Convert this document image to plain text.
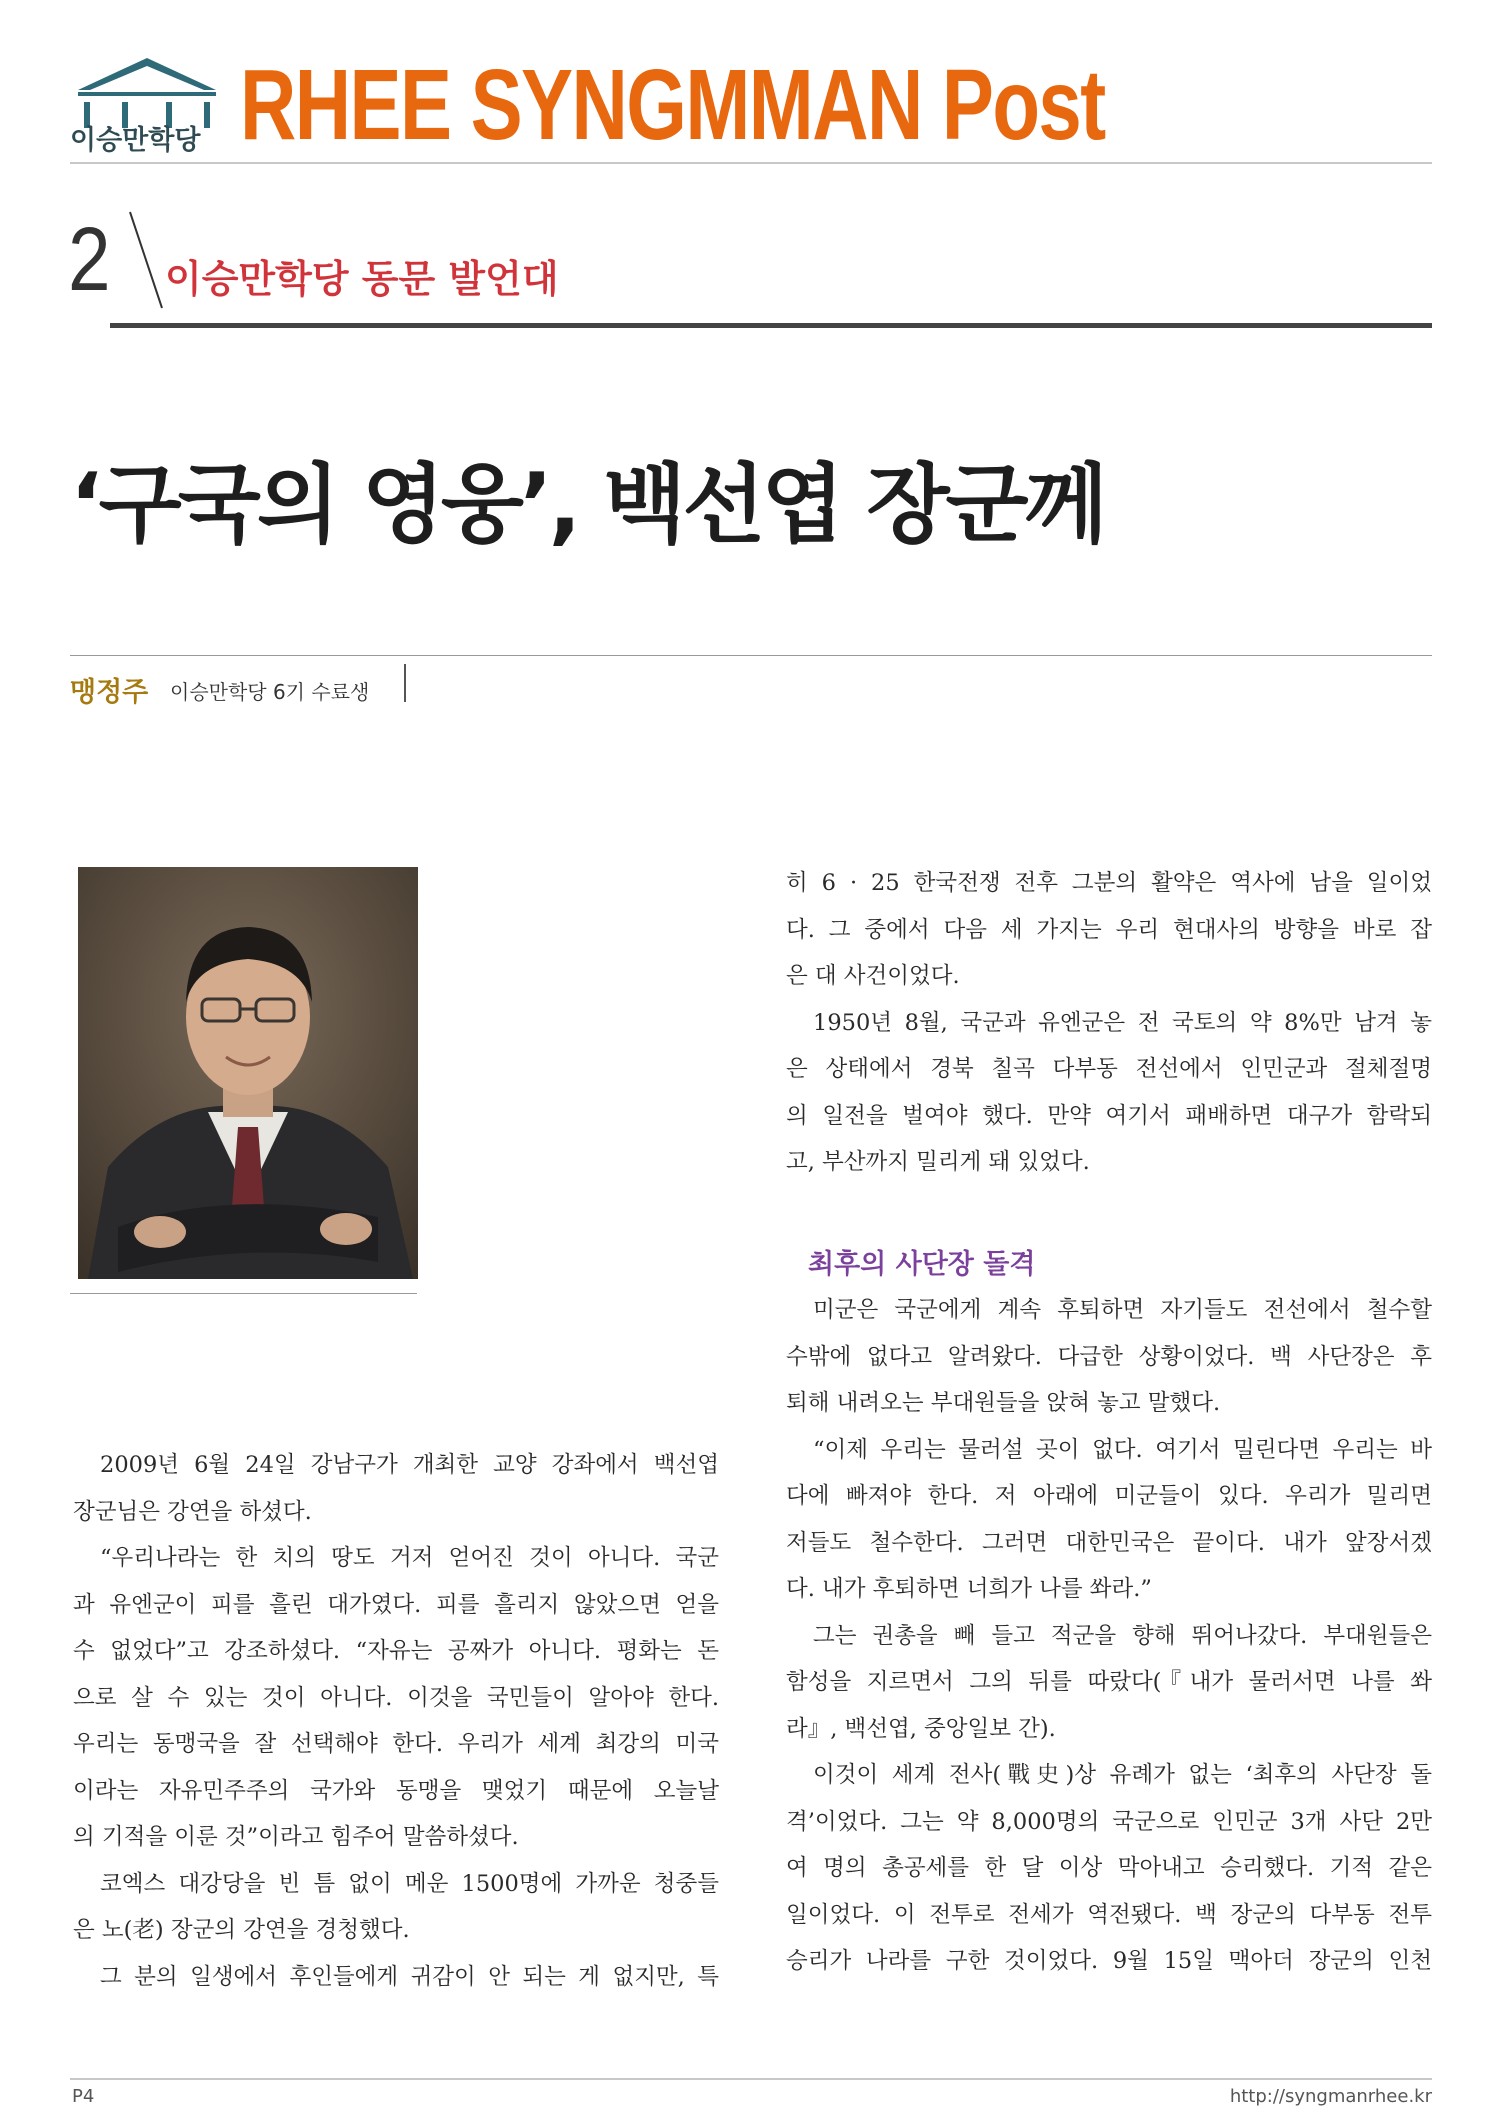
이승만학당 RHEE SYNGMMAN Post
2 이승만학당 동문 발언대
‘구국의 영웅’, 백선엽 장군께
맹정주 이승만학당 6기 수료생

2009년 6월 24일 강남구가 개최한 교양 강좌에서 백선엽

장군님은 강연을 하셨다.

“우리나라는 한 치의 땅도 거저 얻어진 것이 아니다. 국군

과 유엔군이 피를 흘린 대가였다. 피를 흘리지 않았으면 얻을

수 없었다”고 강조하셨다. “자유는 공짜가 아니다. 평화는 돈

으로 살 수 있는 것이 아니다. 이것을 국민들이 알아야 한다.

우리는 동맹국을 잘 선택해야 한다. 우리가 세계 최강의 미국

이라는 자유민주주의 국가와 동맹을 맺었기 때문에 오늘날

의 기적을 이룬 것”이라고 힘주어 말씀하셨다.

코엑스 대강당을 빈 틈 없이 메운 1500명에 가까운 청중들

은 노(老) 장군의 강연을 경청했다.

그 분의 일생에서 후인들에게 귀감이 안 되는 게 없지만, 특

히 6 · 25 한국전쟁 전후 그분의 활약은 역사에 남을 일이었

다. 그 중에서 다음 세 가지는 우리 현대사의 방향을 바로 잡

은 대 사건이었다.

1950년 8월, 국군과 유엔군은 전 국토의 약 8%만 남겨 놓

은 상태에서 경북 칠곡 다부동 전선에서 인민군과 절체절명

의 일전을 벌여야 했다. 만약 여기서 패배하면 대구가 함락되

고, 부산까지 밀리게 돼 있었다.

최후의 사단장 돌격

미군은 국군에게 계속 후퇴하면 자기들도 전선에서 철수할

수밖에 없다고 알려왔다. 다급한 상황이었다. 백 사단장은 후

퇴해 내려오는 부대원들을 앉혀 놓고 말했다.

“이제 우리는 물러설 곳이 없다. 여기서 밀린다면 우리는 바

다에 빠져야 한다. 저 아래에 미군들이 있다. 우리가 밀리면

저들도 철수한다. 그러면 대한민국은 끝이다. 내가 앞장서겠

다. 내가 후퇴하면 너희가 나를 쏴라.”

그는 권총을 빼 들고 적군을 향해 뛰어나갔다. 부대원들은

함성을 지르면서 그의 뒤를 따랐다(『내가 물러서면 나를 쏴

라』, 백선엽, 중앙일보 간).

이것이 세계 전사(戰史)상 유례가 없는 ‘최후의 사단장 돌

격’이었다. 그는 약 8,000명의 국군으로 인민군 3개 사단 2만

여 명의 총공세를 한 달 이상 막아내고 승리했다. 기적 같은

일이었다. 이 전투로 전세가 역전됐다. 백 장군의 다부동 전투

승리가 나라를 구한 것이었다. 9월 15일 맥아더 장군의 인천

P4	http://syngmanrhee.kr
